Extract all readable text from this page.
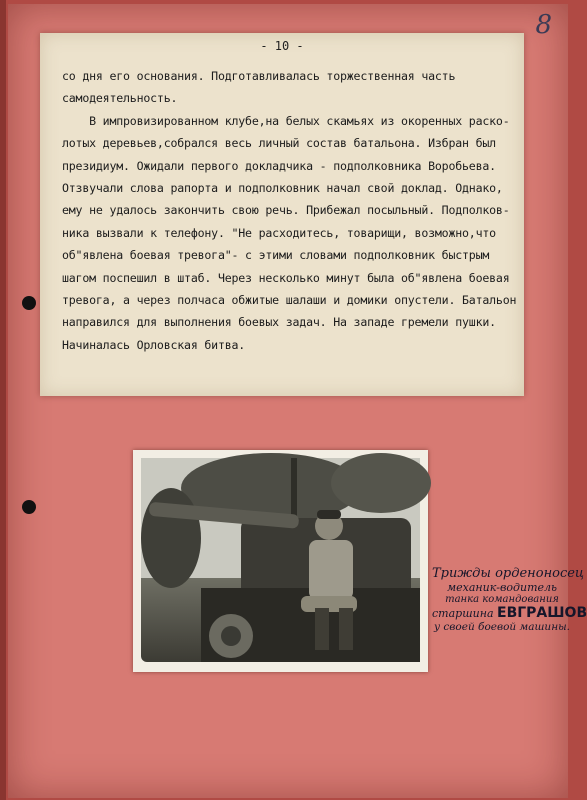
8
- 10 -
со дня его основания. Подготавливалась торжественная часть самодеятельность.
В импровизированном клубе,на белых скамьях из окоренных раско-
лотых деревьев,собрался весь личный состав батальона. Избран был
президиум. Ожидали первого докладчика - подполковника Воробьева.
Отзвучали слова рапорта и подполковник начал свой доклад. Однако,
ему не удалось закончить свою речь. Прибежал посыльный. Подполков-
ника вызвали к телефону. "Не расходитесь, товарищи, возможно,что
об"явлена боевая тревога"- с этими словами подполковник быстрым
шагом поспешил в штаб. Через несколько минут была об"явлена боевая
тревога, а через полчаса обжитые шалаши и домики опустели. Батальон
направился для выполнения боевых задач. На западе гремели пушки.
Начиналась Орловская битва.
Трижды орденоносец
механик-водитель
танка командования
старшина ЕВГРАШОВ
у своей боевой машины.
